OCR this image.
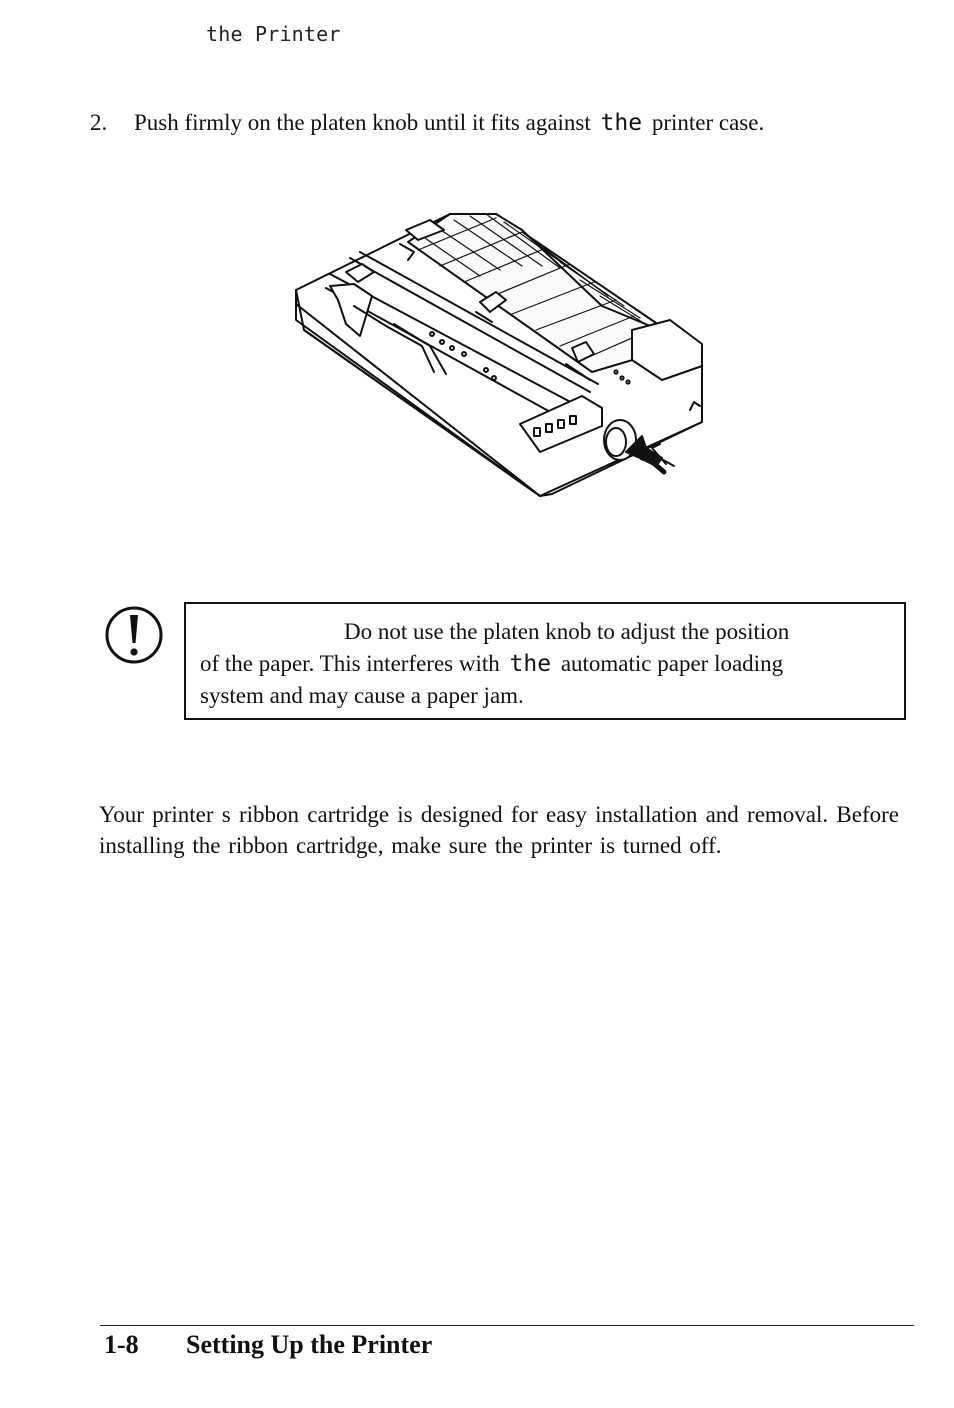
the Printer
2. Push firmly on the platen knob until it fits against the printer case.
Do not use the platen knob to adjust the position
of the paper. This interferes with the automatic paper loading
system and may cause a paper jam.
Your printer s ribbon cartridge is designed for easy installation and removal. Before installing the ribbon cartridge, make sure the printer is turned off.
1-8 Setting Up the Printer
